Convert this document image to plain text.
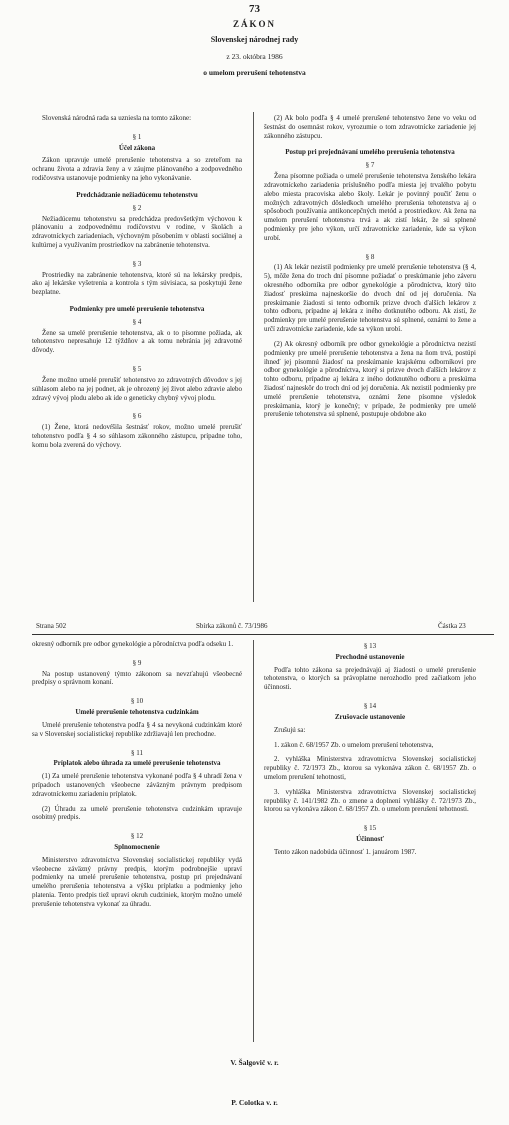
73
ZÁKON
Slovenskej národnej rady
z 23. októbra 1986
o umelom prerušení tehotenstva

Slovenská národná rada sa uzniesla na tomto zákone:

§ 1
Účel zákona

Zákon upravuje umelé prerušenie tehotenstva a so zreteľom na ochranu života a zdravia ženy a v záujme plánovaného a zodpovedného rodičovstva ustanovuje podmienky na jeho vykonávanie.

Predchádzanie nežiadúcemu tehotenstvu
§ 2

Nežiadúcemu tehotenstvu sa predchádza predovšetkým výchovou k plánovaniu a zodpovednému rodičovstvu v rodine, v školách a zdravotníckych zariadeniach, výchovným pôsobením v oblasti sociálnej a kultúrnej a využívaním prostriedkov na zabránenie tehotenstva.

§ 3

Prostriedky na zabránenie tehotenstva, ktoré sú na lekársky predpis, ako aj lekárske vyšetrenia a kontrola s tým súvisiaca, sa poskytujú žene bezplatne.

Podmienky pre umelé prerušenie tehotenstva
§ 4

Žene sa umelé prerušenie tehotenstva, ak o to písomne požiada, ak tehotenstvo nepresahuje 12 týždňov a ak tomu nebránia jej zdravotné dôvody.

§ 5

Žene možno umelé prerušiť tehotenstvo zo zdravotných dôvodov s jej súhlasom alebo na jej podnet, ak je ohrozený jej život alebo zdravie alebo zdravý vývoj plodu alebo ak ide o geneticky chybný vývoj plodu.

§ 6

(1) Žene, ktorá nedovŕšila šestnásť rokov, možno umelé prerušiť tehotenstvo podľa § 4 so súhlasom zákonného zástupcu, prípadne toho, komu bola zverená do výchovy.

(2) Ak bolo podľa § 4 umelé prerušené tehotenstvo žene vo veku od šestnást do osemnást rokov, vyrozumie o tom zdravotnícke zariadenie jej zákonného zástupcu.

Postup pri prejednávaní umelého prerušenia tehotenstva
§ 7

Žena písomne požiada o umelé prerušenie tehotenstva ženského lekára zdravotníckeho zariadenia príslušného podľa miesta jej trvalého pobytu alebo miesta pracoviska alebo školy. Lekár je povinný poučiť ženu o možných zdravotných dôsledkoch umelého prerušenia tehotenstva aj o spôsoboch používania antikoncepčných metód a prostriedkov. Ak žena na umelom prerušení tehotenstva trvá a ak zistí lekár, že sú splnené podmienky pre jeho výkon, určí zdravotnícke zariadenie, kde sa výkon urobí.

§ 8

(1) Ak lekár nezistil podmienky pre umelé prerušenie tehotenstva (§ 4, 5), môže žena do troch dní písomne požiadať o preskúmanie jeho záveru okresného odborníka pre odbor gynekológie a pôrodníctva, ktorý túto žiadosť preskúma najneskoršie do dvoch dní od jej doručenia. Na preskúmanie žiadosti si tento odborník prizve dvoch ďalších lekárov z tohto odboru, prípadne aj lekára z iného dotknutého odboru. Ak zistí, že podmienky pre umelé prerušenie tehotenstva sú splnené, oznámi to žene a určí zdravotnícke zariadenie, kde sa výkon urobí.

(2) Ak okresný odborník pre odbor gynekológie a pôrodníctva nezistí podmienky pre umelé prerušenie tehotenstva a žena na ňom trvá, postúpi ihneď jej písomnú žiadosť na preskúmanie krajskému odborníkovi pre odbor gynekológie a pôrodníctva, ktorý si prizve dvoch ďalších lekárov z tohto odboru, prípadne aj lekára z iného dotknutého odboru a preskúma žiadosť najneskôr do troch dní od jej doručenia. Ak nezistil podmienky pre umelé prerušenie tehotenstva, oznámi žene písomne výsledok preskúmania, ktorý je konečný; v prípade, že podmienky pre umelé prerušenie tehotenstva sú splnené, postupuje obdobne ako

Strana 502	Sbírka zákonů č. 73/1986	Částka 23

okresný odborník pre odbor gynekológie a pôrodníctva podľa odseku 1.

§ 9

Na postup ustanovený týmto zákonom sa nevzťahujú všeobecné predpisy o správnom konaní.

§ 10
Umelé prerušenie tehotenstva cudzinkám

Umelé prerušenie tehotenstva podľa § 4 sa nevykoná cudzinkám ktoré sa v Slovenskej socialistickej republike zdržiavajú len prechodne.

§ 11
Príplatok alebo úhrada za umelé prerušenie tehotenstva

(1) Za umelé prerušenie tehotenstva vykonané podľa § 4 uhradí žena v prípadoch ustanovených všeobecne záväzným právnym predpisom zdravotníckemu zariadeniu príplatok.

(2) Úhradu za umelé prerušenie tehotenstva cudzinkám upravuje osobitný predpis.

§ 12
Splnomocnenie

Ministerstvo zdravotníctva Slovenskej socialistickej republiky vydá všeobecne záväzný právny predpis, ktorým podrobnejšie upraví podmienky na umelé prerušenie tehotenstva, postup pri prejednávaní umelého prerušenia tehotenstva a výšku príplatku a podmienky jeho platenia. Tento predpis tiež upraví okruh cudziniek, ktorým možno umelé prerušenie tehotenstva vykonať za úhradu.

§ 13
Prechodné ustanovenie

Podľa tohto zákona sa prejednávajú aj žiadosti o umelé prerušenie tehotenstva, o ktorých sa právoplatne nerozhodlo pred začiatkom jeho účinnosti.

§ 14
Zrušovacie ustanovenie

Zrušujú sa:

1. zákon č. 68/1957 Zb. o umelom prerušení tehotenstva,

2. vyhláška Ministerstva zdravotníctva Slovenskej socialistickej republiky č. 72/1973 Zb., ktorou sa vykonáva zákon č. 68/1957 Zb. o umelom prerušení tehotnosti,

3. vyhláška Ministerstva zdravotníctva Slovenskej socialistickej republiky č. 141/1982 Zb. o zmene a doplnení vyhlášky č. 72/1973 Zb., ktorou sa vykonáva zákon č. 68/1957 Zb. o umelom prerušení tehotnosti.

§ 15
Účinnosť

Tento zákon nadobúda účinnosť 1. januárom 1987.

V. Šalgovič v. r.
P. Colotka v. r.
